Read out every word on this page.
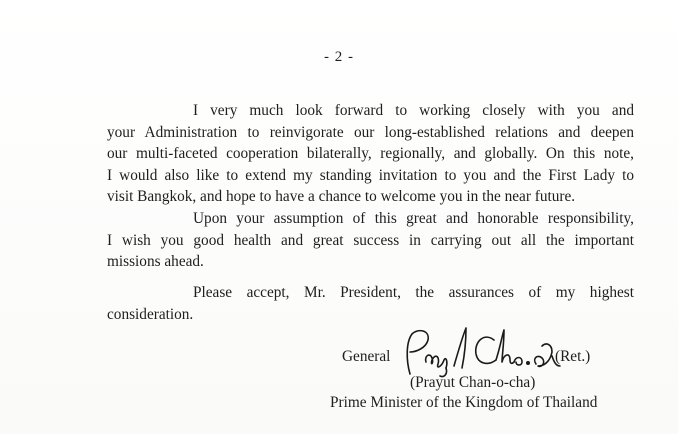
- 2 -
I very much look forward to working closely with you and
your Administration to reinvigorate our long-established relations and deepen
our multi-faceted cooperation bilaterally, regionally, and globally. On this note,
I would also like to extend my standing invitation to you and the First Lady to
visit Bangkok, and hope to have a chance to welcome you in the near future.
Upon your assumption of this great and honorable responsibility,
I wish you good health and great success in carrying out all the important
missions ahead.
Please accept, Mr. President, the assurances of my highest
consideration.
General	(Ret.)
(Prayut Chan-o-cha)
Prime Minister of the Kingdom of Thailand
